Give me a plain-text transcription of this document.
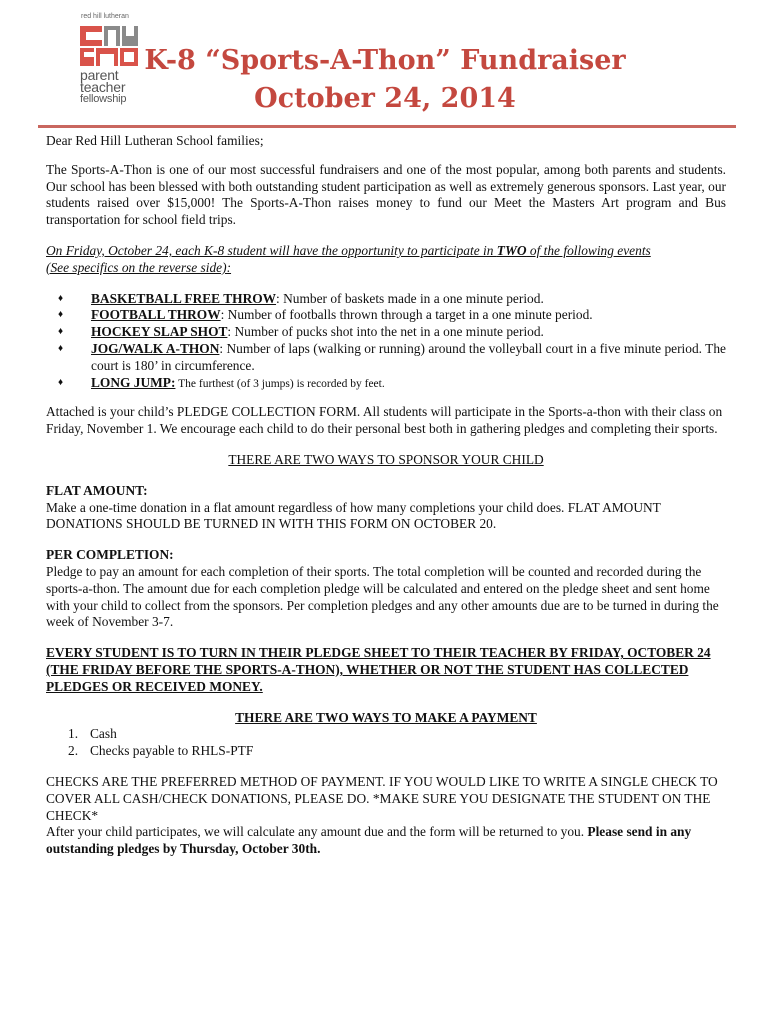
red hill lutheran
parent
teacher
fellowship
K-8 “Sports-A-Thon” Fundraiser
October 24, 2014

Dear Red Hill Lutheran School families;

The Sports-A-Thon is one of our most successful fundraisers and one of the most popular, among both parents and students. Our school has been blessed with both outstanding student participation as well as extremely generous sponsors. Last year, our students raised over $15,000! The Sports-A-Thon raises money to fund our Meet the Masters Art program and Bus transportation for school field trips.

On Friday, October 24, each K-8 student will have the opportunity to participate in TWO of the following events

(See specifics on the reverse side):

♦ BASKETBALL FREE THROW: Number of baskets made in a one minute period.
♦ FOOTBALL THROW: Number of footballs thrown through a target in a one minute period.
♦ HOCKEY SLAP SHOT: Number of pucks shot into the net in a one minute period.
♦ JOG/WALK A-THON: Number of laps (walking or running) around the volleyball court in a five minute period. The court is 180’ in circumference.
♦ LONG JUMP: The furthest (of 3 jumps) is recorded by feet.

Attached is your child’s PLEDGE COLLECTION FORM. All students will participate in the Sports-a-thon with their class on Friday, November 1. We encourage each child to do their personal best both in gathering pledges and completing their sports.

THERE ARE TWO WAYS TO SPONSOR YOUR CHILD

FLAT AMOUNT:

Make a one-time donation in a flat amount regardless of how many completions your child does. FLAT AMOUNT DONATIONS SHOULD BE TURNED IN WITH THIS FORM ON OCTOBER 20.

PER COMPLETION:

Pledge to pay an amount for each completion of their sports. The total completion will be counted and recorded during the sports-a-thon. The amount due for each completion pledge will be calculated and entered on the pledge sheet and sent home with your child to collect from the sponsors. Per completion pledges and any other amounts due are to be turned in during the week of November 3-7.

EVERY STUDENT IS TO TURN IN THEIR PLEDGE SHEET TO THEIR TEACHER BY FRIDAY, OCTOBER 24 (THE FRIDAY BEFORE THE SPORTS-A-THON), WHETHER OR NOT THE STUDENT HAS COLLECTED PLEDGES OR RECEIVED MONEY.

THERE ARE TWO WAYS TO MAKE A PAYMENT

1. Cash
2. Checks payable to RHLS-PTF

CHECKS ARE THE PREFERRED METHOD OF PAYMENT. IF YOU WOULD LIKE TO WRITE A SINGLE CHECK TO COVER ALL CASH/CHECK DONATIONS, PLEASE DO. *MAKE SURE YOU DESIGNATE THE STUDENT ON THE CHECK*

After your child participates, we will calculate any amount due and the form will be returned to you. Please send in any outstanding pledges by Thursday, October 30th.
